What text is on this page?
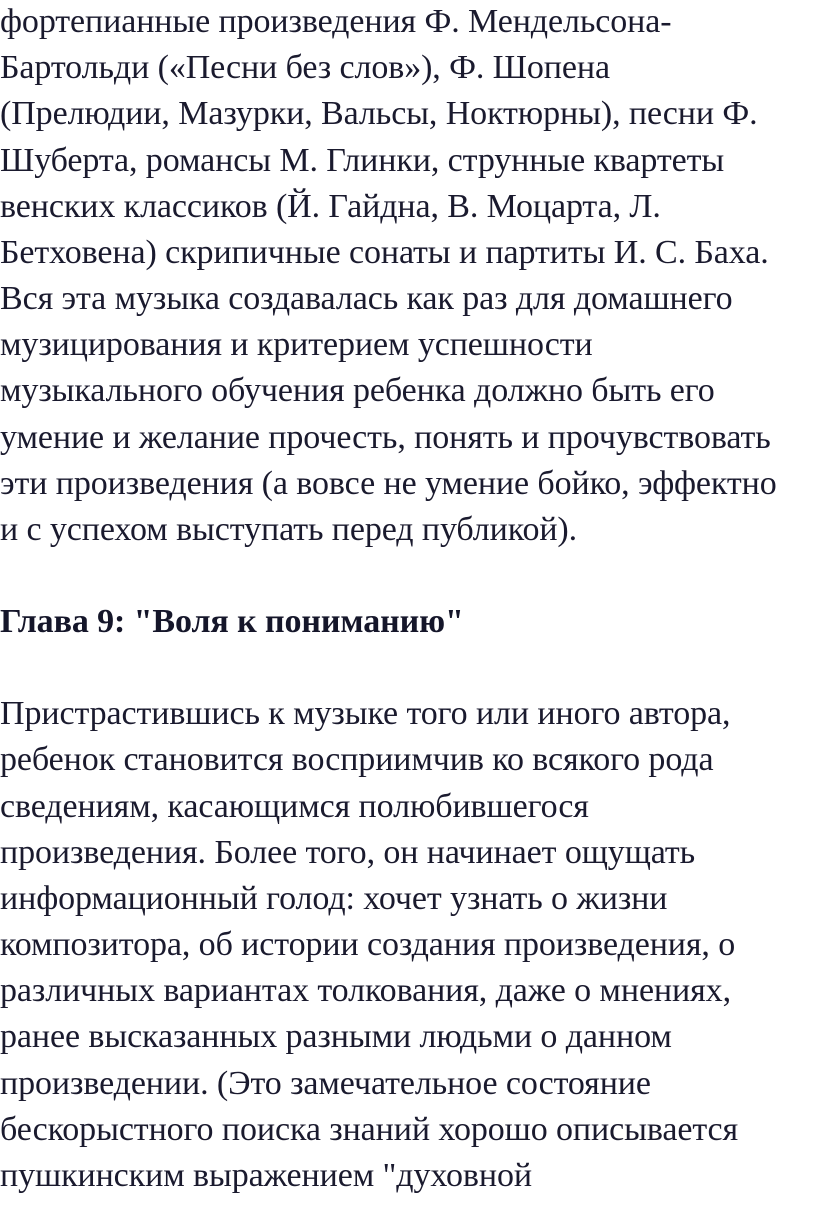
фортепианные произведения Ф. Мендельсона-
Бартольди («Песни без слов»), Ф. Шопена
(Прелюдии, Мазурки, Вальсы, Ноктюрны), песни Ф.
Шуберта, романсы М. Глинки, струнные квартеты
венских классиков (Й. Гайдна, В. Моцарта, Л.
Бетховена) скрипичные сонаты и партиты И. С. Баха.
Вся эта музыка создавалась как раз для домашнего
музицирования и критерием успешности
музыкального обучения ребенка должно быть его
умение и желание прочесть, понять и прочувствовать
эти произведения (а вовсе не умение бойко, эффектно
и с успехом выступать перед публикой).
Глава 9: "Воля к пониманию"
Пристрастившись к музыке того или иного автора,
ребенок становится восприимчив ко всякого рода
сведениям, касающимся полюбившегося
произведения. Более того, он начинает ощущать
информационный голод: хочет узнать о жизни
композитора, об истории создания произведения, о
различных вариантах толкования, даже о мнениях,
ранее высказанных разными людьми о данном
произведении. (Это замечательное состояние
бескорыстного поиска знаний хорошо описывается
пушкинским выражением "духовной
